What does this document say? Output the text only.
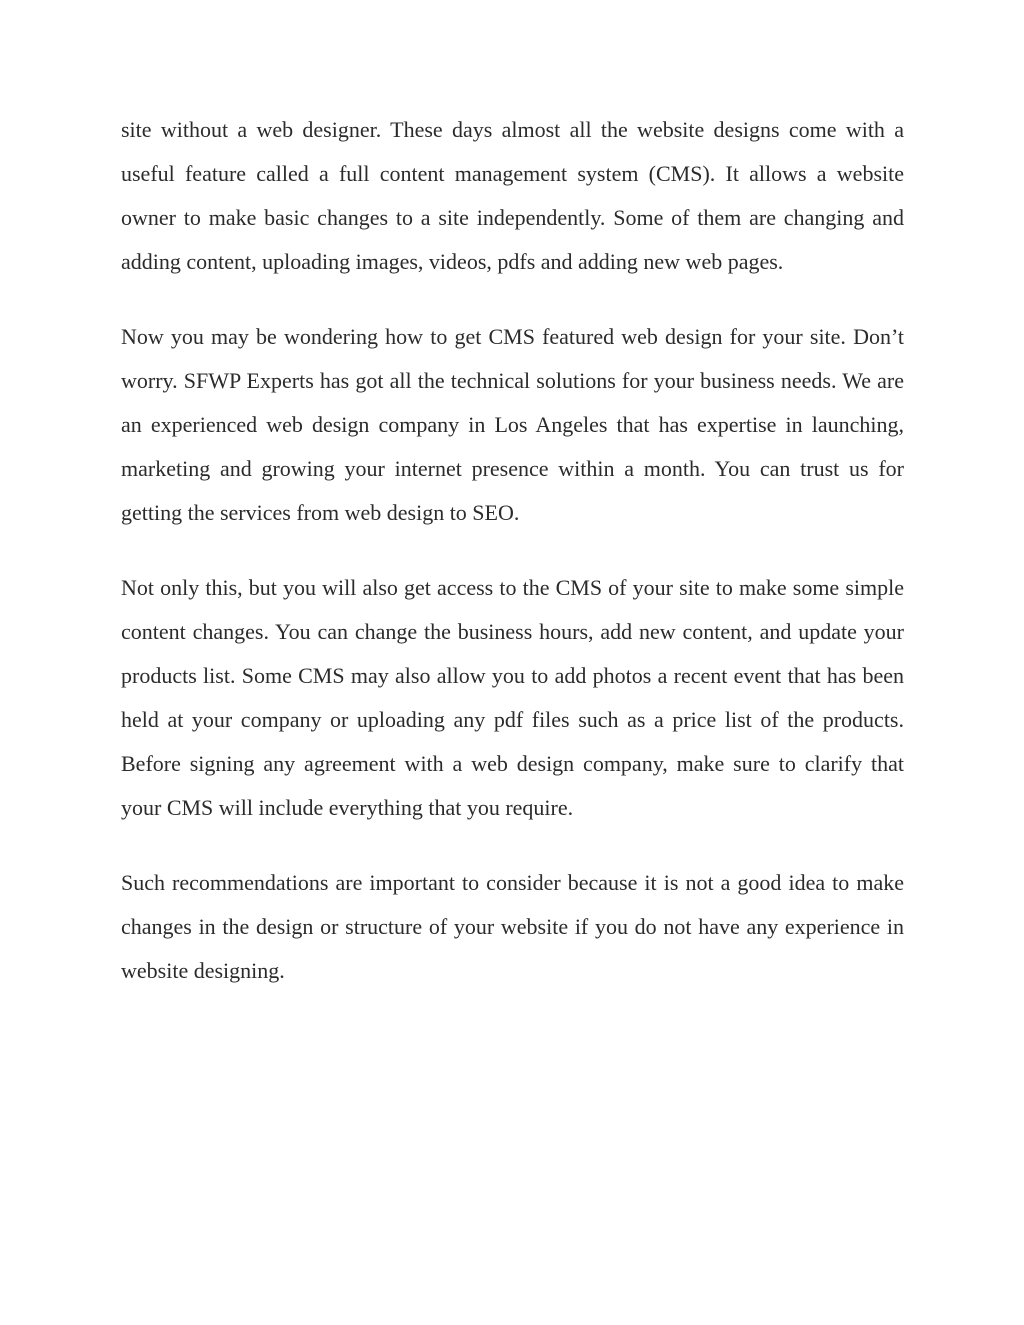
site without a web designer. These days almost all the website designs come with a useful feature called a full content management system (CMS). It allows a website owner to make basic changes to a site independently. Some of them are changing and adding content, uploading images, videos, pdfs and adding new web pages.

Now you may be wondering how to get CMS featured web design for your site. Don’t worry. SFWP Experts has got all the technical solutions for your business needs. We are an experienced web design company in Los Angeles that has expertise in launching, marketing and growing your internet presence within a month. You can trust us for getting the services from web design to SEO.

Not only this, but you will also get access to the CMS of your site to make some simple content changes. You can change the business hours, add new content, and update your products list. Some CMS may also allow you to add photos a recent event that has been held at your company or uploading any pdf files such as a price list of the products. Before signing any agreement with a web design company, make sure to clarify that your CMS will include everything that you require.

Such recommendations are important to consider because it is not a good idea to make changes in the design or structure of your website if you do not have any experience in website designing.
